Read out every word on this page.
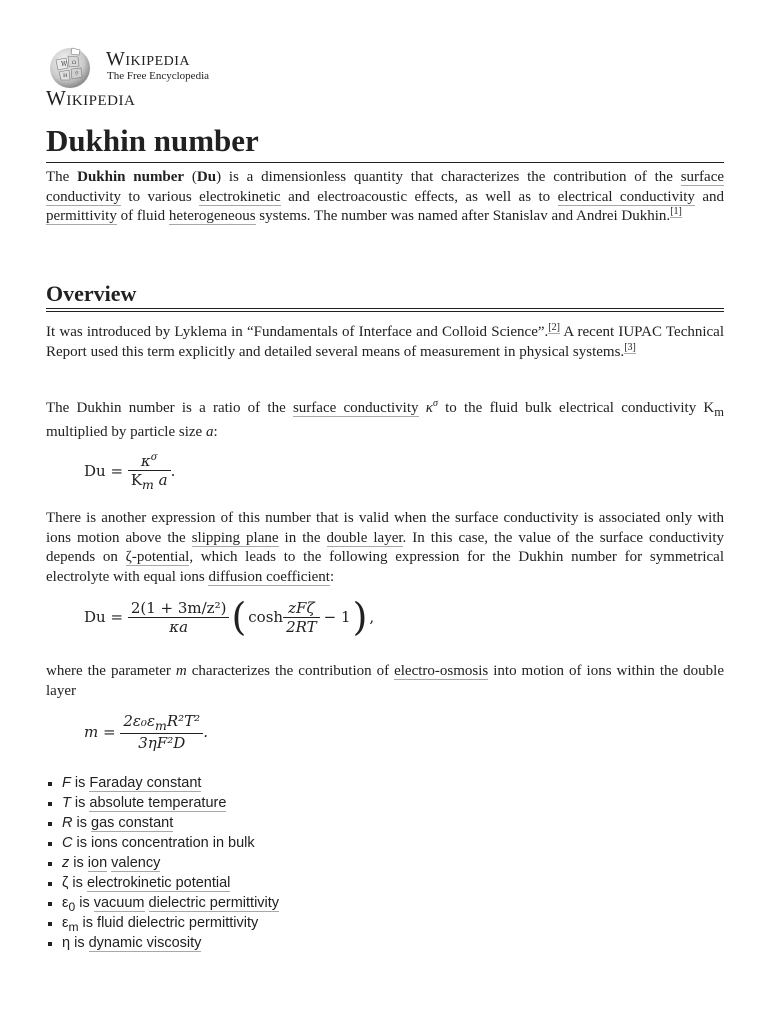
W Ω
И ウ
Wikipedia
The Free Encyclopedia
Wikipedia
Dukhin number

The Dukhin number (Du) is a dimensionless quantity that characterizes the contribution of the surface conductivity to various electrokinetic and electroacoustic effects, as well as to electrical conductivity and permittivity of fluid heterogeneous systems. The number was named after Stanislav and Andrei Dukhin.[1]

Overview

It was introduced by Lyklema in “Fundamentals of Interface and Colloid Science”.[2] A recent IUPAC Technical Report used this term explicitly and detailed several means of measurement in physical systems.[3]

The Dukhin number is a ratio of the surface conductivity $\kappa^\sigma$ to the fluid bulk electrical conductivity $K_m$ multiplied by particle size a:

$Du = \frac{\kappa^\sigma}{K_m a}$ .

There is another expression of this number that is valid when the surface conductivity is associated only with ions motion above the slipping plane in the double layer. In this case, the value of the surface conductivity depends on ζ-potential, which leads to the following expression for the Dukhin number for symmetrical electrolyte with equal ions diffusion coefficient:

Du =
$\frac{\text{2(1 + 3m/z²)}}{\kappa a}$ ( $\cosh \frac{\text{zFζ}}{2RT} - 1$ ) ,

where the parameter m characterizes the contribution of electro-osmosis into motion of ions within the double layer

m =
$\frac{2\varepsilon_0\varepsilon_mR^2T^2}{\text{3ηF²D}}$ .
F is Faraday constant
T is absolute temperature
R is gas constant
C is ions concentration in bulk
z is ion valency
ζ is electrokinetic potential
$\varepsilon_0$ is vacuum dielectric permittivity
$\varepsilon_m$ is fluid dielectric permittivity
η is dynamic viscosity
